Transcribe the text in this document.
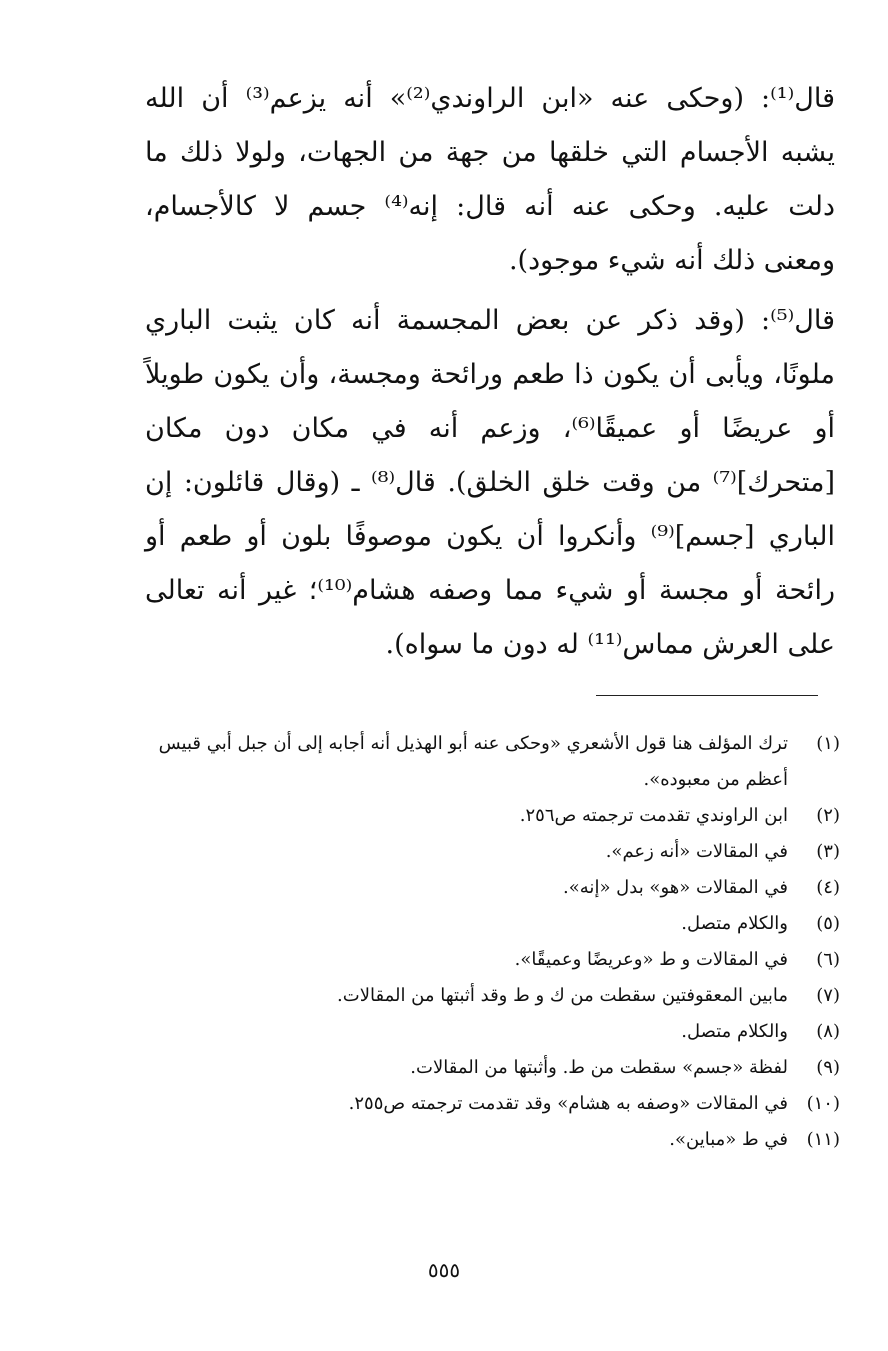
قال⁽¹⁾: (وحكى عنه «ابن الراوندي⁽²⁾» أنه يزعم⁽³⁾ أن الله
يشبه الأجسام التي خلقها من جهة من الجهات، ولولا ذلك ما
دلت عليه. وحكى عنه أنه قال: إنه⁽⁴⁾ جسم لا كالأجسام،
ومعنى ذلك أنه شيء موجود).

قال⁽⁵⁾: (وقد ذكر عن بعض المجسمة أنه كان يثبت الباري
ملونًا، ويأبى أن يكون ذا طعم ورائحة ومجسة، وأن يكون طويلاً
أو عريضًا أو عميقًا⁽⁶⁾، وزعم أنه في مكان دون مكان
[متحرك]⁽⁷⁾ من وقت خلق الخلق). قال⁽⁸⁾ ـ (وقال قائلون: إن
الباري [جسم]⁽⁹⁾ وأنكروا أن يكون موصوفًا بلون أو طعم أو
رائحة أو مجسة أو شيء مما وصفه هشام⁽¹⁰⁾؛ غير أنه تعالى
على العرش مماس⁽¹¹⁾ له دون ما سواه).

(١)
ترك المؤلف هنا قول الأشعري «وحكى عنه أبو الهذيل أنه أجابه إلى أن جبل أبي قبيس أعظم من معبوده».
(٢)
ابن الراوندي تقدمت ترجمته ص٢٥٦.
(٣)
في المقالات «أنه زعم».
(٤)
في المقالات «هو» بدل «إنه».
(٥)
والكلام متصل.
(٦)
في المقالات و ط «وعريضًا وعميقًا».
(٧)
مابين المعقوفتين سقطت من ك و ط وقد أثبتها من المقالات.
(٨)
والكلام متصل.
(٩)
لفظة «جسم» سقطت من ط. وأثبتها من المقالات.
(١٠)
في المقالات «وصفه به هشام» وقد تقدمت ترجمته ص٢٥٥.
(١١)
في ط «مباين».
٥٥٥
